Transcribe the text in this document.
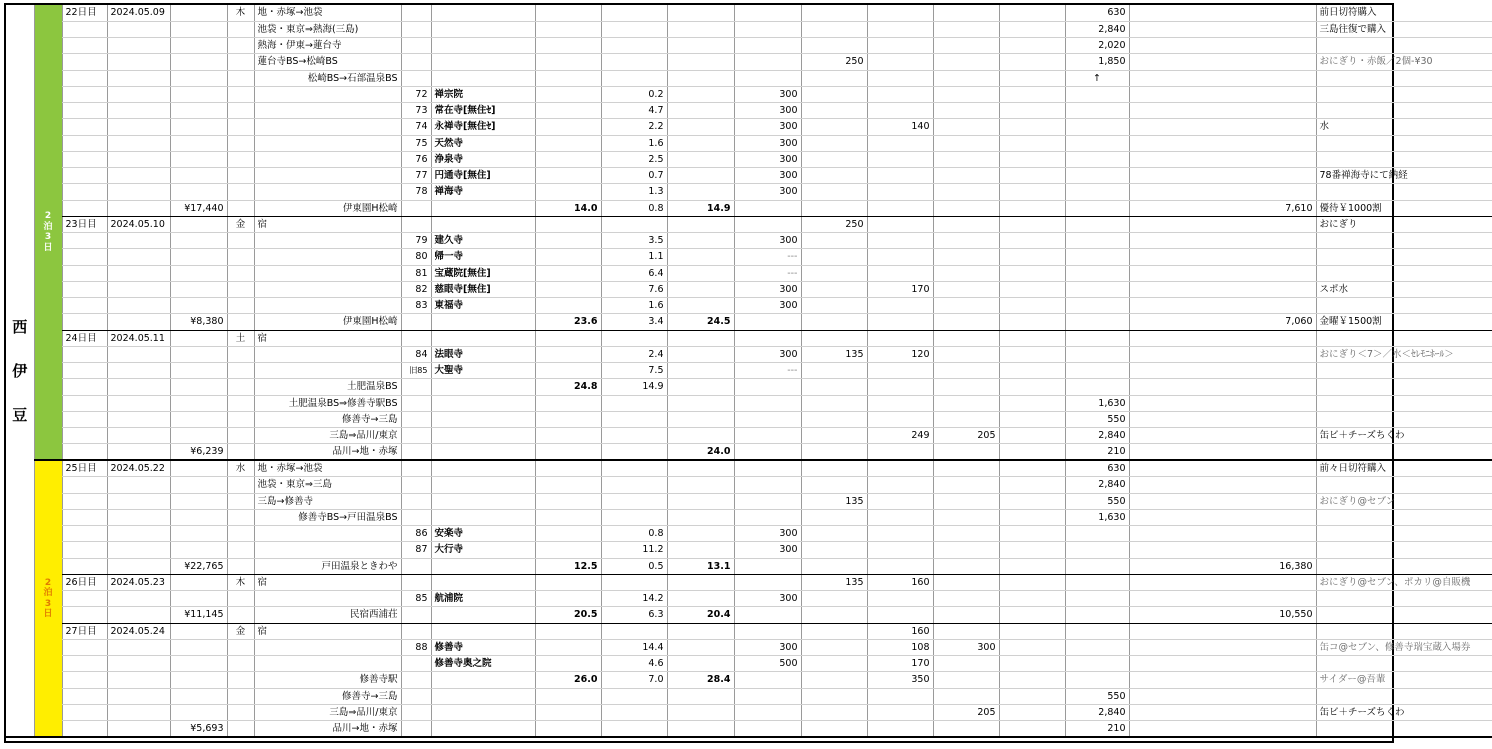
西
伊
豆	2
泊
3
日	22日目	2024.05.09		木	地・赤塚→池袋											630		前日切符購入	
						池袋・東京⇒熱海(三島)											2,840		三島往復で購入	
						熱海・伊東→蓮台寺											2,020			
						蓮台寺BS→松崎BS							250				1,850		おにぎり・赤飯／2個-¥30	
						松崎BS→石部温泉BS											↑			
							72	禅宗院		0.2		300								
							73	常在寺[無住ｾ]		4.7		300								
							74	永禅寺[無住ｾ]		2.2		300		140					水	
							75	天然寺		1.6		300								
							76	浄泉寺		2.5		300								
							77	円通寺[無住]		0.7		300							78番禅海寺にて納経	
							78	禅海寺		1.3		300								
				¥17,440		伊東園H松崎			14.0	0.8	14.9							7,610	優待￥1000割	
		23日目	2024.05.10		金	宿							250						おにぎり	
							79	建久寺		3.5		300								
							80	帰一寺		1.1		---								
							81	宝蔵院[無住]		6.4		---								
							82	慈眼寺[無住]		7.6		300		170					スポ水	
							83	東福寺		1.6		300								
				¥8,380		伊東園H松崎			23.6	3.4	24.5							7,060	金曜￥1500割	
		24日目	2024.05.11		土	宿														
							84	法眼寺		2.4		300	135	120					おにぎり＜7＞／水＜ｾﾚﾓﾆﾎｰﾙ＞	
							旧85	大聖寺		7.5		---								
						土肥温泉BS			24.8	14.9										
						土肥温泉BS⇒修善寺駅BS											1,630			
						修善寺→三島											550			
						三島⇒品川/東京								249	205		2,840		缶ビ＋チーズちくわ	
				¥6,239		品川→地・赤塚					24.0						210			

	2
泊
3
日	25日目	2024.05.22		水	地・赤塚→池袋											630		前々日切符購入	
						池袋・東京⇒三島											2,840			
						三島→修善寺							135				550		おにぎり@セブン	
						修善寺BS→戸田温泉BS											1,630			
							86	安楽寺		0.8		300								
							87	大行寺		11.2		300								
				¥22,765		戸田温泉ときわや			12.5	0.5	13.1							16,380		
		26日目	2024.05.23		木	宿							135	160					おにぎり@セブン、ポカリ@自販機	
							85	航浦院		14.2		300								
				¥11,145		民宿西浦荘			20.5	6.3	20.4							10,550		
		27日目	2024.05.24		金	宿								160						
							88	修善寺		14.4		300		108	300				缶コ@セブン、修善寺瑞宝蔵入場券	
								修善寺奥之院		4.6		500		170						
						修善寺駅			26.0	7.0	28.4			350					サイダー@吾輩	
						修善寺→三島											550			
						三島⇒品川/東京									205		2,840		缶ビ＋チーズちくわ	
				¥5,693		品川→地・赤塚											210			
